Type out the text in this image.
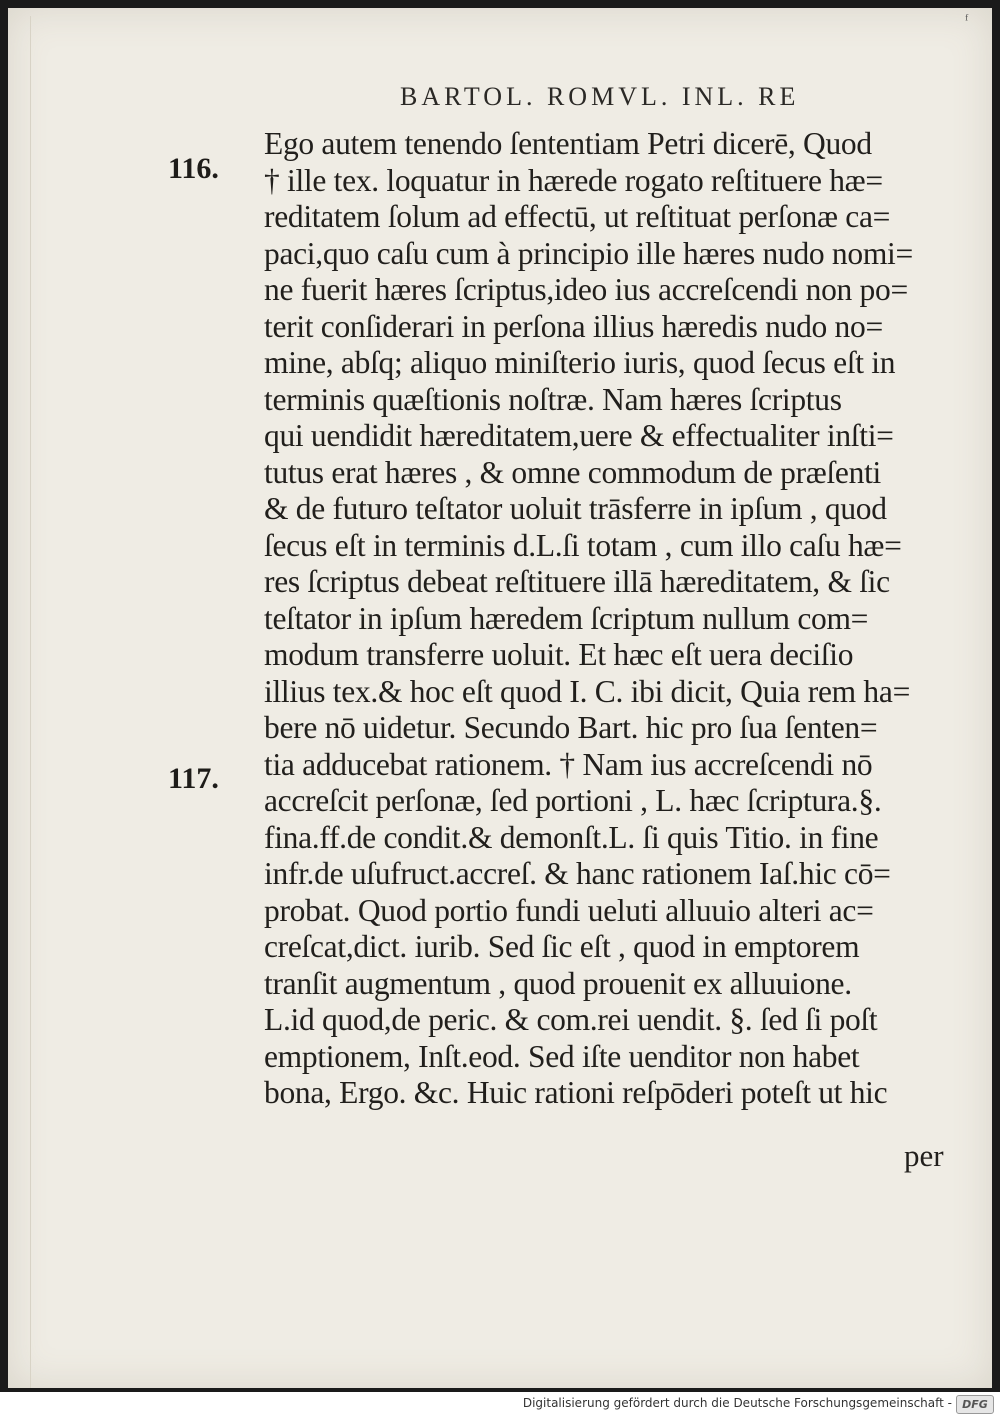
ᶠ
BARTOL. ROMVL. INL. RE
116.
117.
Ego autem tenendo ſententiam Petri dicerē, Quod
† ille tex. loquatur in hærede rogato reſtituere hæ=
reditatem ſolum ad effectū, ut reſtituat perſonæ ca=
paci,quo caſu cum à principio ille hæres nudo nomi=
ne fuerit hæres ſcriptus,ideo ius accreſcendi non po=
terit conſiderari in perſona illius hæredis nudo no=
mine, abſq; aliquo miniſterio iuris, quod ſecus eſt in
terminis quæſtionis noſtræ. Nam hæres ſcriptus
qui uendidit hæreditatem,uere & effectualiter inſti=
tutus erat hæres , & omne commodum de præſenti
& de futuro teſtator uoluit trāsferre in ipſum , quod
ſecus eſt in terminis d.L.ſi totam , cum illo caſu hæ=
res ſcriptus debeat reſtituere illā hæreditatem, & ſic
teſtator in ipſum hæredem ſcriptum nullum com=
modum transferre uoluit. Et hæc eſt uera deciſio
illius tex.& hoc eſt quod I. C. ibi dicit, Quia rem ha=
bere nō uidetur. Secundo Bart. hic pro ſua ſenten=
tia adducebat rationem. † Nam ius accreſcendi nō
accreſcit perſonæ, ſed portioni , L. hæc ſcriptura.§.
fina.ff.de condit.& demonſt.L. ſi quis Titio. in fine
infr.de uſufruct.accreſ. & hanc rationem Iaſ.hic cō=
probat. Quod portio fundi ueluti alluuio alteri ac=
creſcat,dict. iurib. Sed ſic eſt , quod in emptorem
tranſit augmentum , quod prouenit ex alluuione.
L.id quod,de peric. & com.rei uendit. §. ſed ſi poſt
emptionem, Inſt.eod. Sed iſte uenditor non habet
bona, Ergo. &c. Huic rationi reſpōderi poteſt ut hic
per
Digitalisierung gefördert durch die Deutsche Forschungsgemeinschaft - DFG
